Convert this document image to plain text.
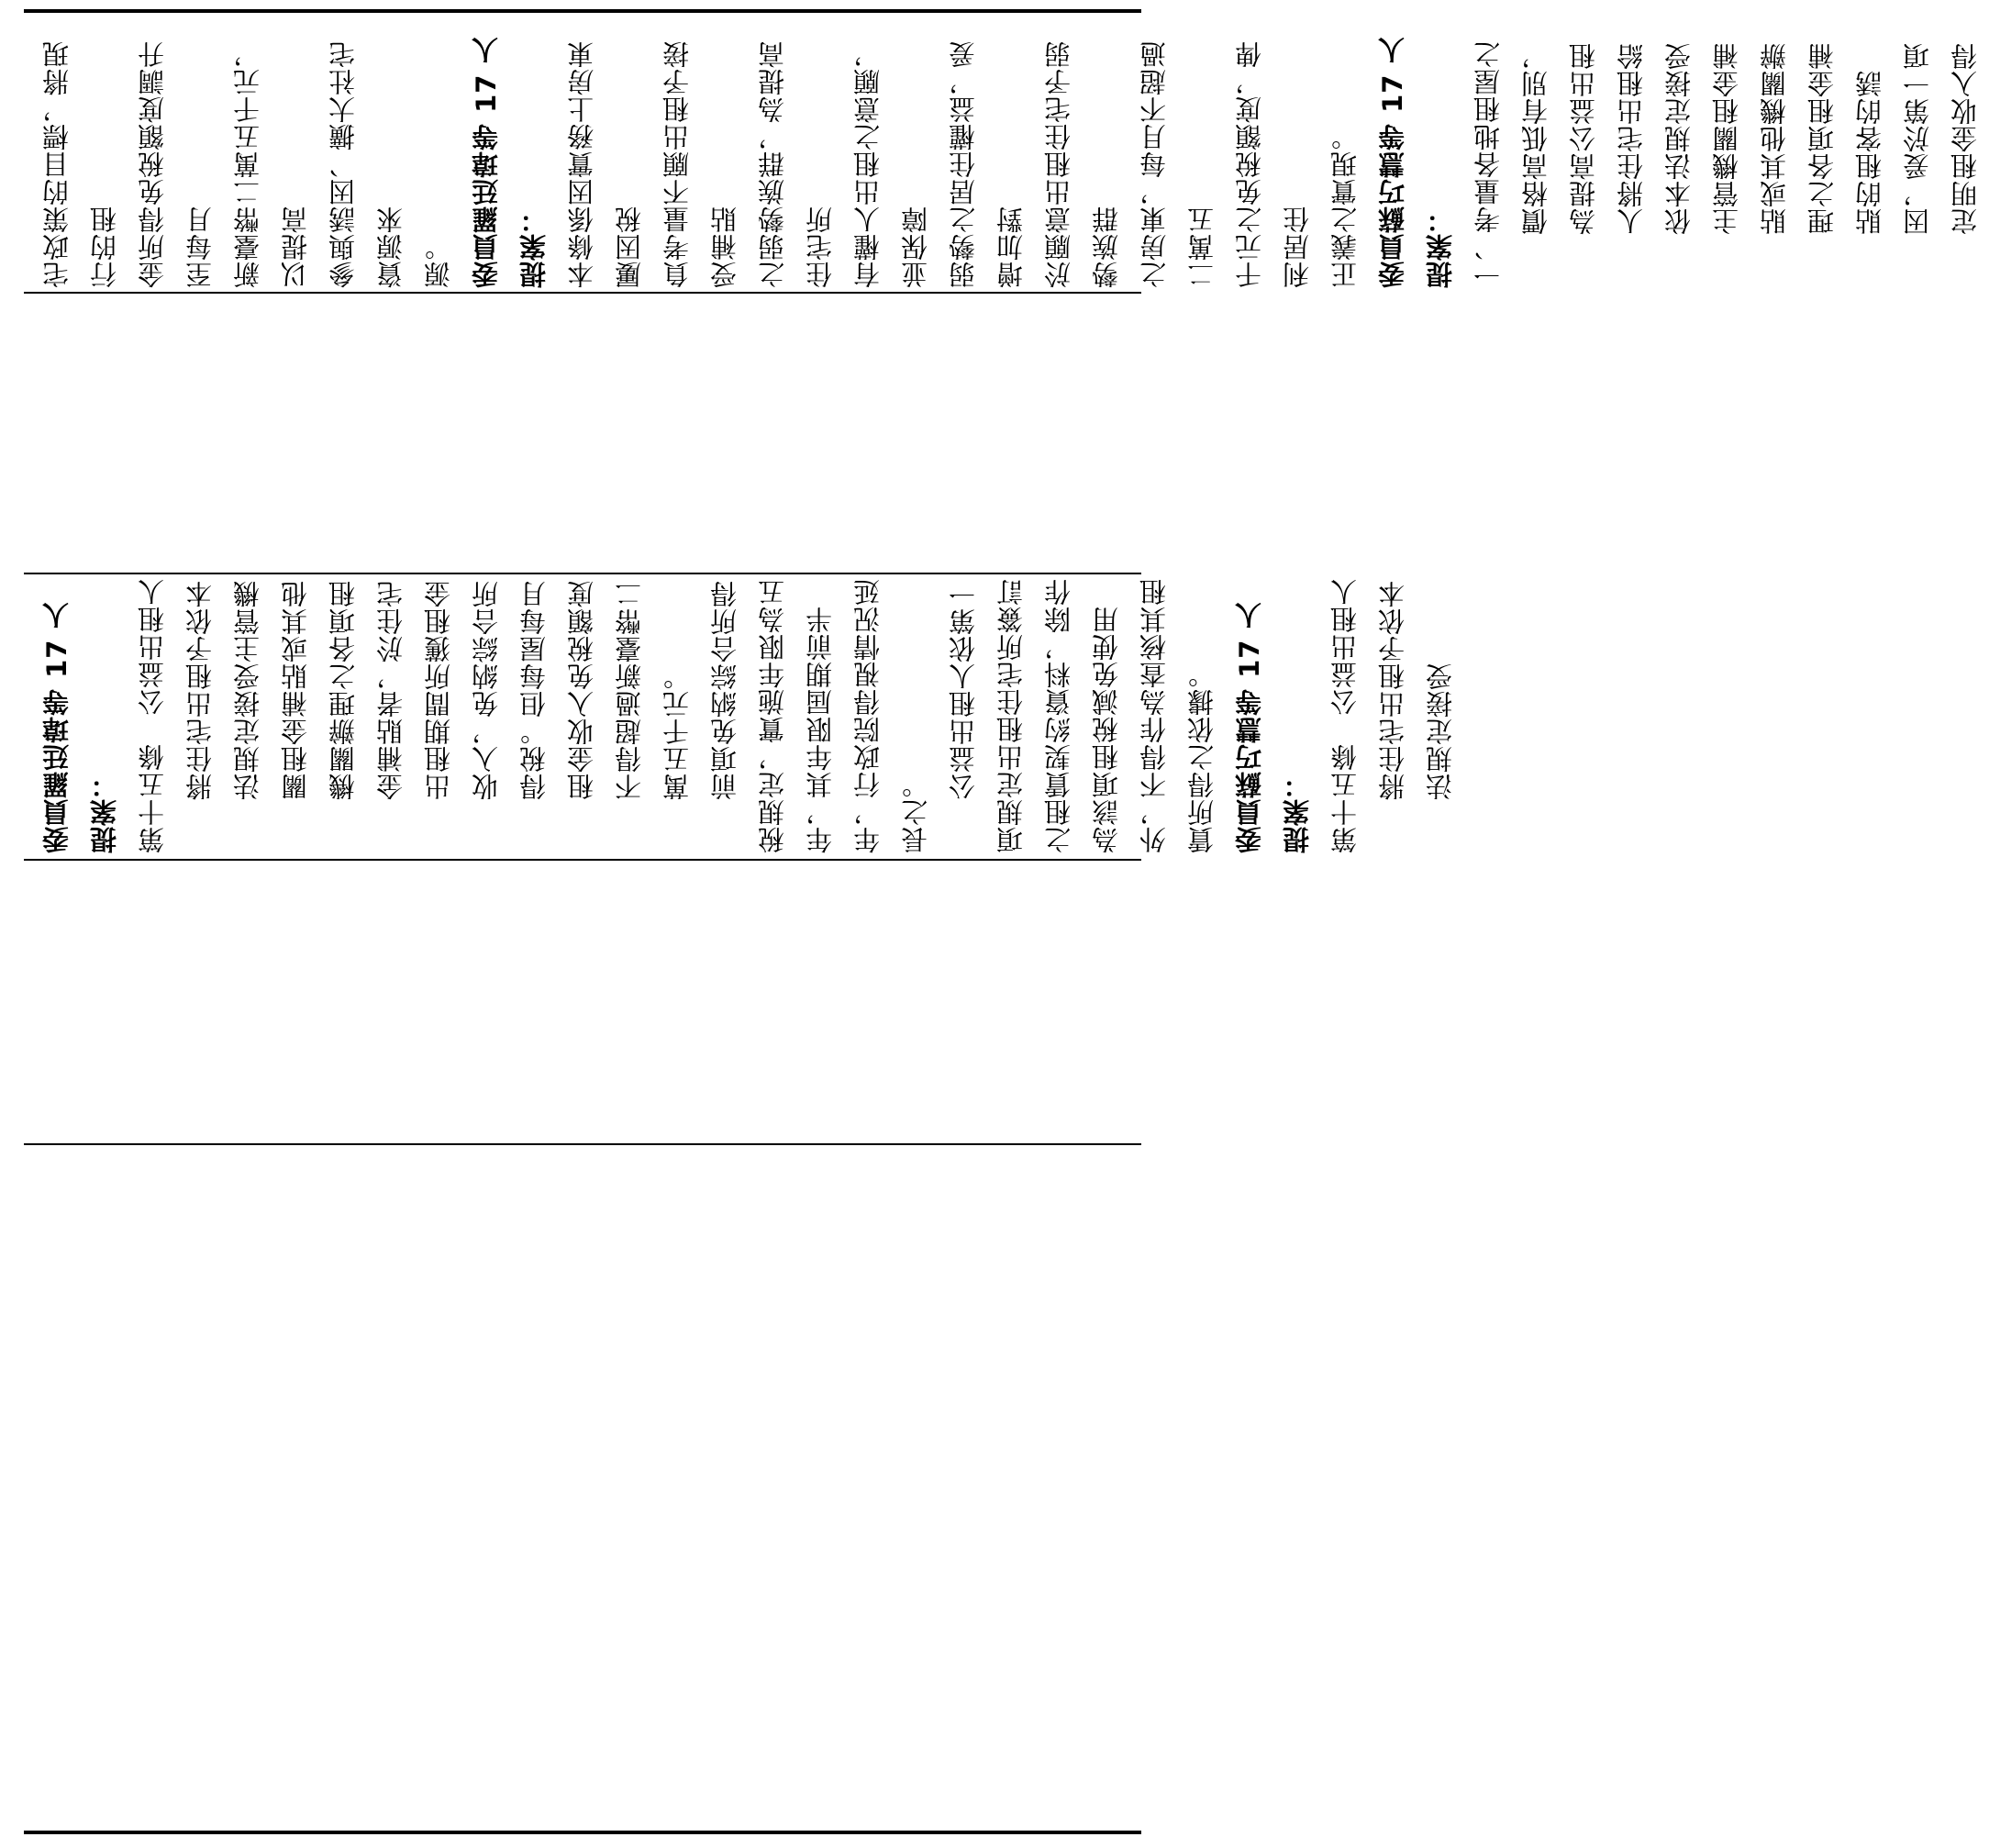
宅政策的目標，將現行的租 金所得免稅額度調升至每月 新臺幣二萬五千元，以提高 參與誘因、擴大社宅資源來 源。 委員羅廷瑋等 17 人提案： 本條係因實務上房東屢因稅 負考量不願出租予接受補貼 之弱勢族群，為提高住宅所 有權人出租之意願，並保障 弱勢之居住權益，爰增加對 於願意出租住宅予弱勢族群 之房東，每月不超過二萬五 千元之免稅額度，俾利居住 正義之實現。 委員蘇巧慧等 17 人提案： 一、考量各地租屋之價格高低有別，為提高公益出租人將住宅出租給依本法規定接受主管機關租金補貼或其他機關辦理之各項租金補貼的租客的誘因，爰於第一項定明租金收入得

委員羅廷瑋等 17 人提案： 第十五條　公益出租人將住宅出租予依本法規定接受主管機關租金補貼或其他機關辦理之各項租金補貼者，於住宅出租期間所獲租金收入，免納綜合所得稅。但每屋每月租金收入免稅額度不得超過新臺幣二萬五千元。 前項免納綜合所得稅規定，實施年限為五年，其年限屆期前半年，行政院得視情況延長之。

公益出租人依第一項規定出租住宅所簽訂之租賃契約資料，除作為該項租稅減免使用外，不得作為查核其租賃所得之依據。 委員蘇巧慧等 17 人提案： 第十五條　公益出租人將住宅出租予依本法規定接受
